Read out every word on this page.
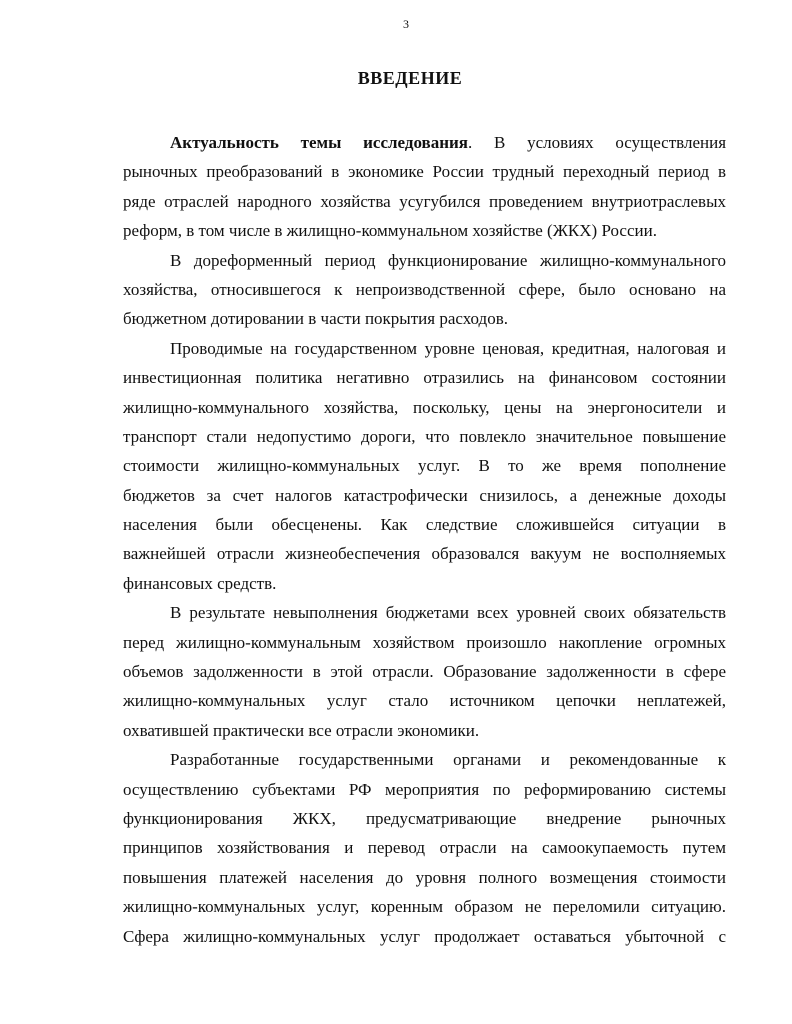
3
ВВЕДЕНИЕ
Актуальность темы исследования. В условиях осуществления
рыночных преобразований в экономике России трудный переходный период в
ряде отраслей народного хозяйства усугубился проведением внутриотраслевых
реформ, в том числе в жилищно-коммунальном хозяйстве (ЖКХ) России.
В дореформенный период функционирование жилищно-коммунального
хозяйства, относившегося к непроизводственной сфере, было основано на
бюджетном дотировании в части покрытия расходов.
Проводимые на государственном уровне ценовая, кредитная, налоговая и
инвестиционная политика негативно отразились на финансовом состоянии
жилищно-коммунального хозяйства, поскольку, цены на энергоносители и
транспорт стали недопустимо дороги, что повлекло значительное повышение
стоимости жилищно-коммунальных услуг. В то же время пополнение
бюджетов за счет налогов катастрофически снизилось, а денежные доходы
населения были обесценены. Как следствие сложившейся ситуации в
важнейшей отрасли жизнеобеспечения образовался вакуум не восполняемых
финансовых средств.
В результате невыполнения бюджетами всех уровней своих обязательств
перед жилищно-коммунальным хозяйством произошло накопление огромных
объемов задолженности в этой отрасли. Образование задолженности в сфере
жилищно-коммунальных услуг стало источником цепочки неплатежей,
охватившей практически все отрасли экономики.
Разработанные государственными органами и рекомендованные к
осуществлению субъектами РФ мероприятия по реформированию системы
функционирования ЖКХ, предусматривающие внедрение рыночных
принципов хозяйствования и перевод отрасли на самоокупаемость путем
повышения платежей населения до уровня полного возмещения стоимости
жилищно-коммунальных услуг, коренным образом не переломили ситуацию.
Сфера жилищно-коммунальных услуг продолжает оставаться убыточной с
